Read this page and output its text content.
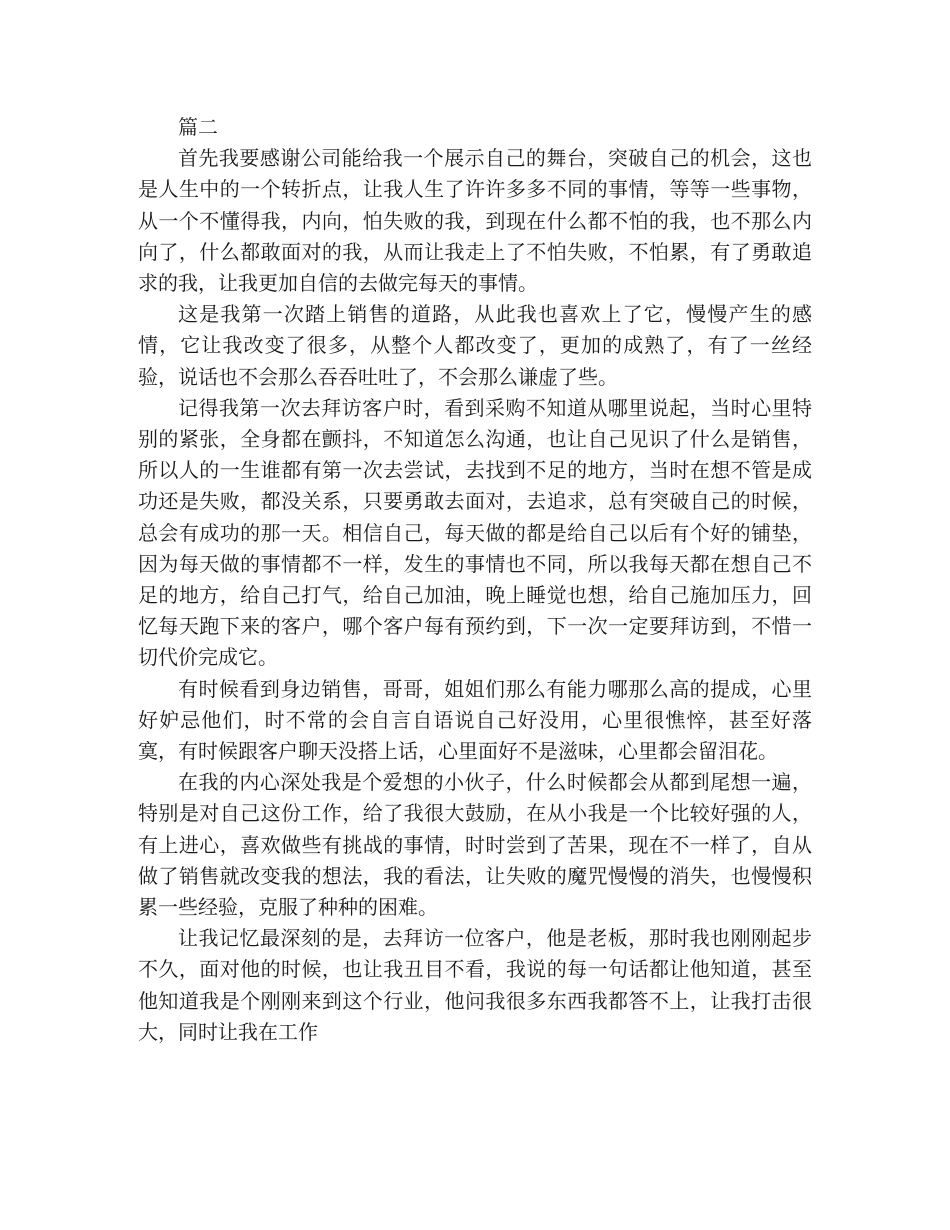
篇二

首先我要感谢公司能给我一个展示自己的舞台，突破自己的机会，这也是人生中的一个转折点，让我人生了许许多多不同的事情，等等一些事物，从一个不懂得我，内向，怕失败的我，到现在什么都不怕的我，也不那么内向了，什么都敢面对的我，从而让我走上了不怕失败，不怕累，有了勇敢追求的我，让我更加自信的去做完每天的事情。

这是我第一次踏上销售的道路，从此我也喜欢上了它，慢慢产生的感情，它让我改变了很多，从整个人都改变了，更加的成熟了，有了一丝经验，说话也不会那么吞吞吐吐了，不会那么谦虚了些。

记得我第一次去拜访客户时，看到采购不知道从哪里说起，当时心里特别的紧张，全身都在颤抖，不知道怎么沟通，也让自己见识了什么是销售，所以人的一生谁都有第一次去尝试，去找到不足的地方，当时在想不管是成功还是失败，都没关系，只要勇敢去面对，去追求，总有突破自己的时候，总会有成功的那一天。相信自己，每天做的都是给自己以后有个好的铺垫，因为每天做的事情都不一样，发生的事情也不同，所以我每天都在想自己不足的地方，给自己打气，给自己加油，晚上睡觉也想，给自己施加压力，回忆每天跑下来的客户，哪个客户每有预约到，下一次一定要拜访到，不惜一切代价完成它。

有时候看到身边销售，哥哥，姐姐们那么有能力哪那么高的提成，心里好妒忌他们，时不常的会自言自语说自己好没用，心里很憔悴，甚至好落寞，有时候跟客户聊天没搭上话，心里面好不是滋味，心里都会留泪花。

在我的内心深处我是个爱想的小伙子，什么时候都会从都到尾想一遍，特别是对自己这份工作，给了我很大鼓励，在从小我是一个比较好强的人，有上进心，喜欢做些有挑战的事情，时时尝到了苦果，现在不一样了，自从做了销售就改变我的想法，我的看法，让失败的魔咒慢慢的消失，也慢慢积累一些经验，克服了种种的困难。

让我记忆最深刻的是，去拜访一位客户，他是老板，那时我也刚刚起步不久，面对他的时候，也让我丑目不看，我说的每一句话都让他知道，甚至他知道我是个刚刚来到这个行业，他问我很多东西我都答不上，让我打击很大，同时让我在工作
